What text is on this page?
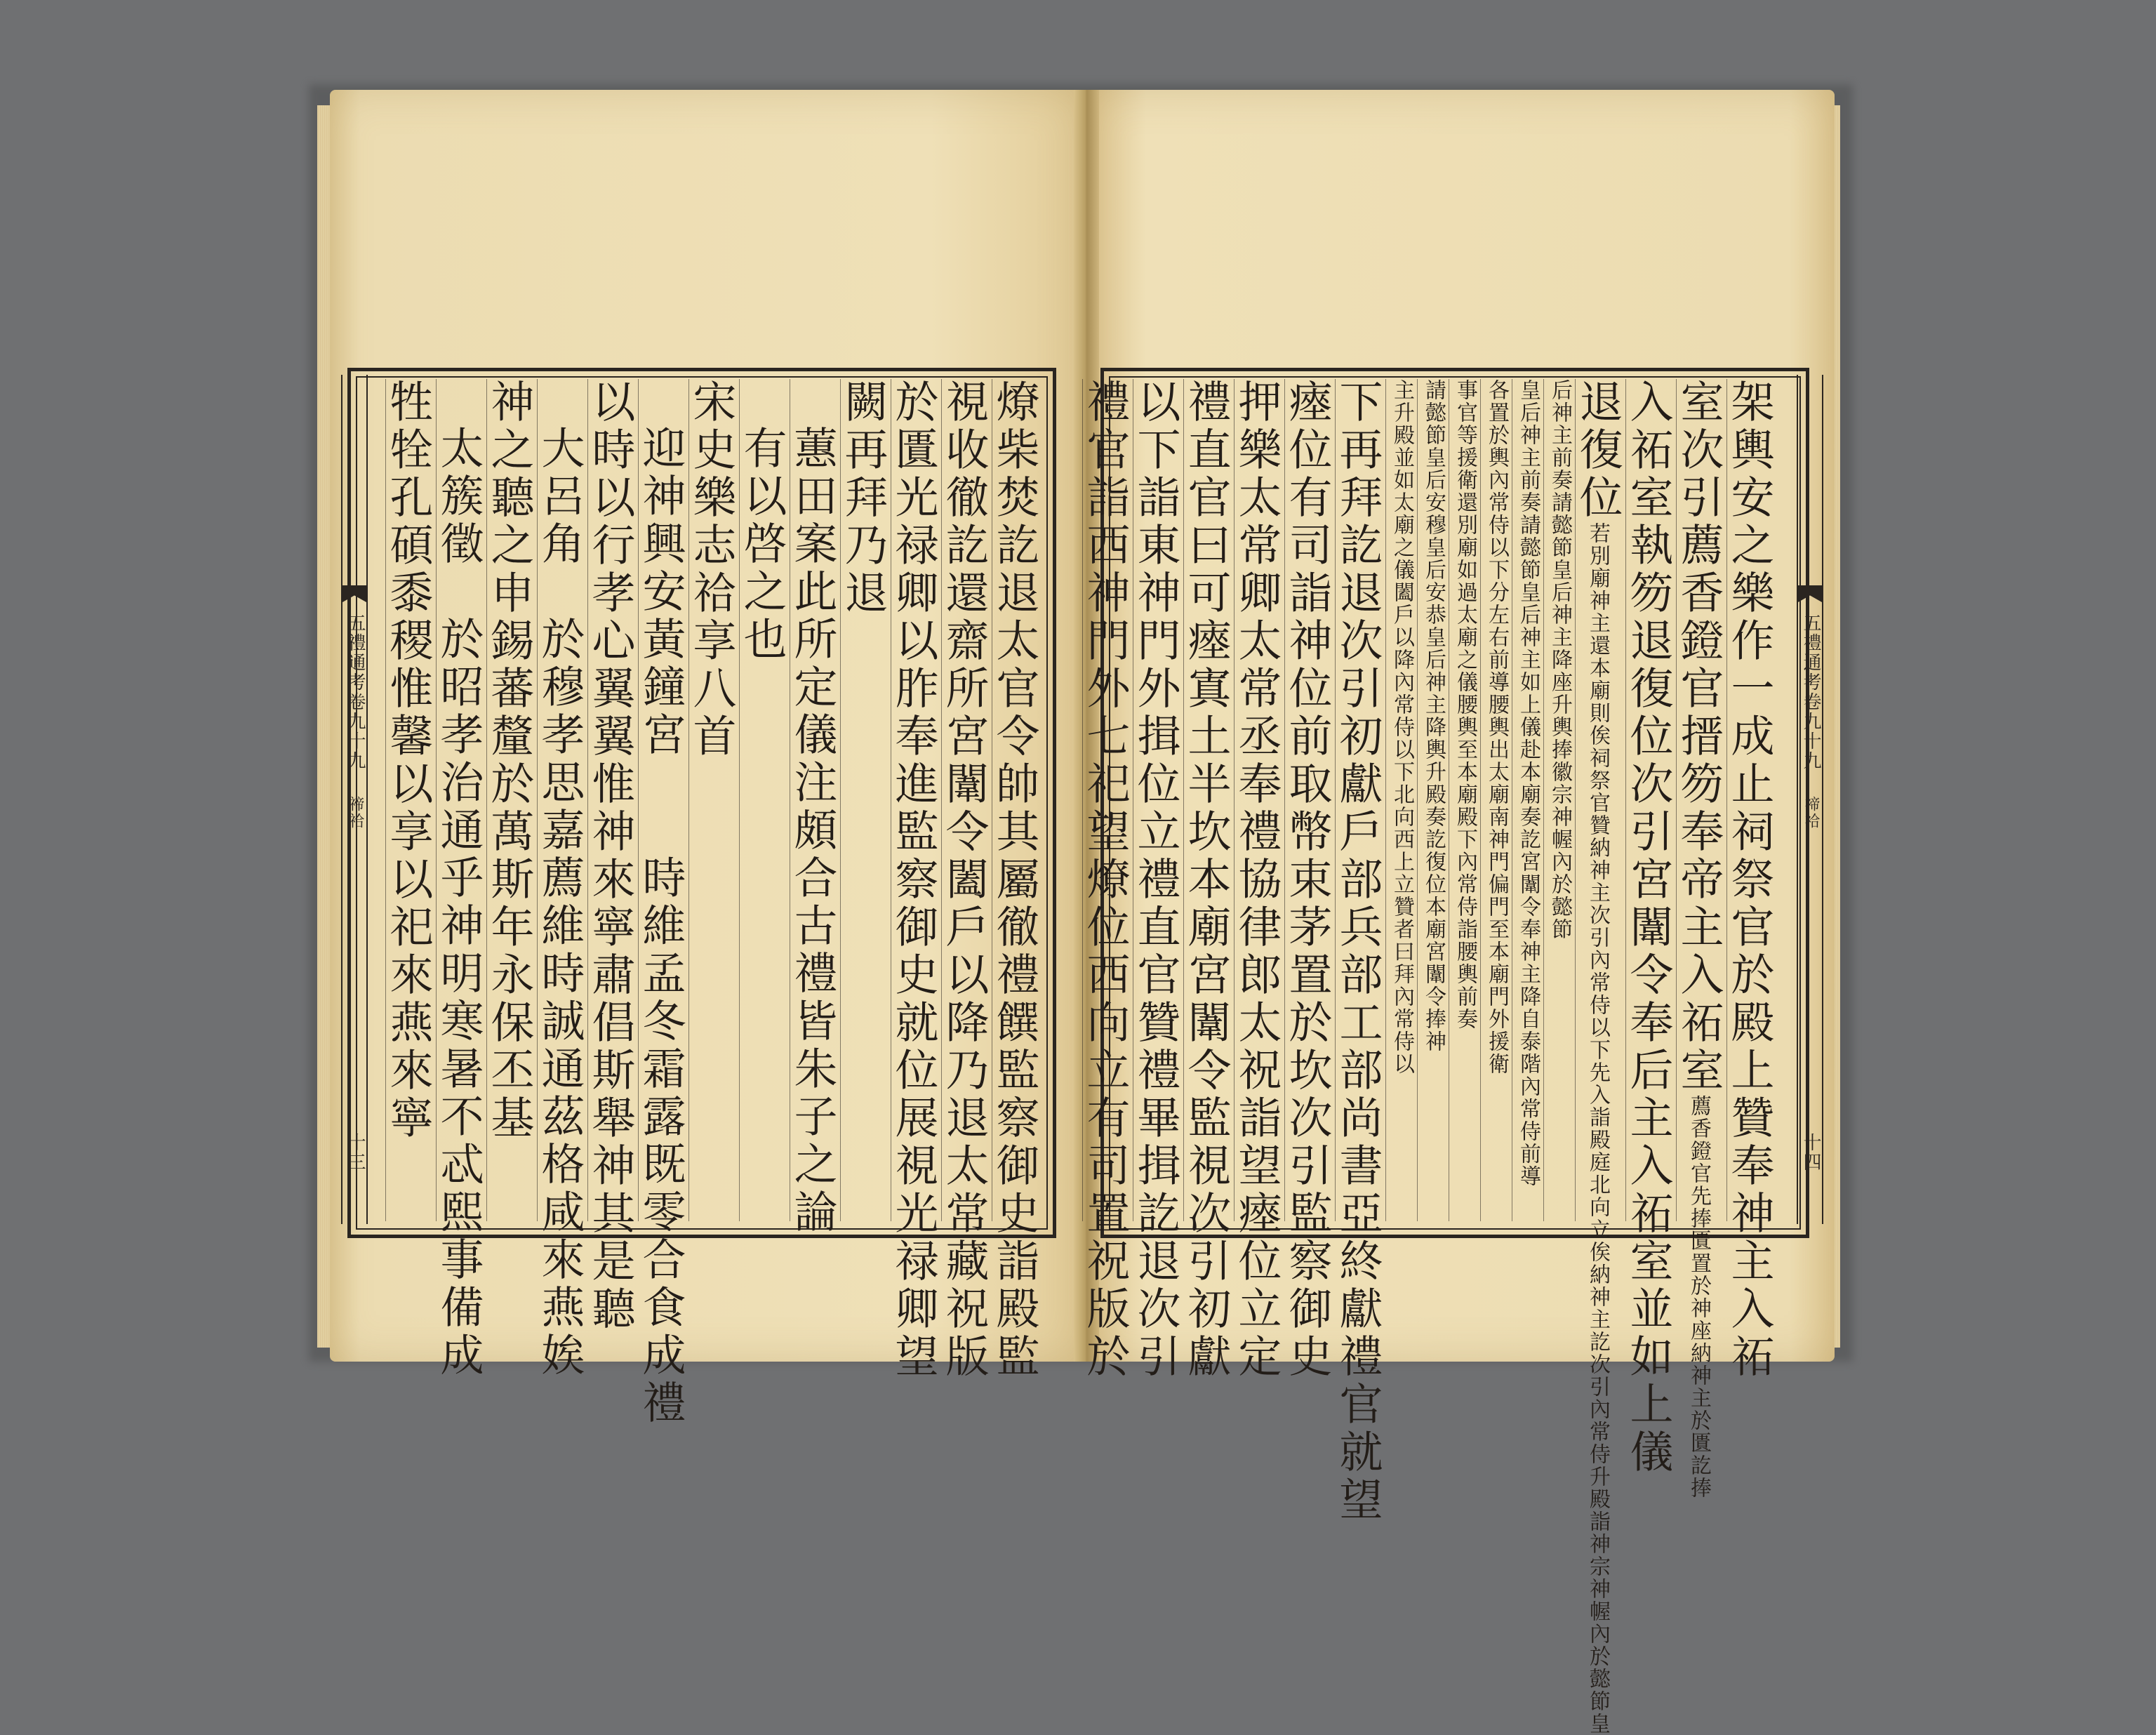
五禮通考卷九十九
禘祫
十三	燎柴焚訖退太官令帥其屬徹禮饌監察御史詣殿監
視收徹訖還齋所宮闈令闔戶以降乃退太常藏祝版
於匱光禄卿以胙奉進監察御史就位展視光禄卿望
闕再拜乃退
蕙田案此所定儀注頗合古禮皆朱子之論
有以啓之也
宋史樂志祫享八首
迎神興安黃鐘宮　　時維孟冬霜露既零合食成禮
以時以行孝心翼翼惟神來寧肅倡斯舉神其是聽
大呂角　於穆孝思嘉薦維時誠通茲格咸來燕娭
神之聽之申錫蕃釐於萬斯年永保丕基
太簇徵　於昭孝治通乎神明寒暑不忒熙事備成
牲牷孔碩黍稷惟馨以享以祀來燕來寧	五禮通考卷九十九
禘祫
十四
架輿安之樂作一成止祠祭官於殿上贊奉神主入祏
室次引薦香鐙官搢笏奉帝主入祏室薦香鐙官先捧匱置於神座納神主於匱訖捧
入祏室執笏退復位次引宮闈令奉后主入祏室並如上儀
退復位若別廟神主還本廟則俟祠祭官贊納神主次引內常侍以下先入詣殿庭北向立俟納神主訖次引內常侍升殿詣神宗神幄內於懿節皇
后神主前奏請懿節皇后神主降座升輿捧徽宗神幄內於懿節
皇后神主前奏請懿節皇后神主如上儀赴本廟奏訖宮闈令奉神主降自泰階內常侍前導
各置於輿內常侍以下分左右前導腰輿出太廟南神門偏門至本廟門外援衛
事官等援衛還別廟如過太廟之儀腰輿至本廟殿下內常侍詣腰輿前奏
請懿節皇后安穆皇后安恭皇后神主降輿升殿奏訖復位本廟宮闈令捧神
主升殿並如太廟之儀闔戶以降內常侍以下北向西上立贊者曰拜內常侍以
下再拜訖退次引初獻戶部兵部工部尚書亞終獻禮官就望
瘞位有司詣神位前取幣束茅置於坎次引監察御史
押樂太常卿太常丞奉禮協律郎太祝詣望瘞位立定
禮直官曰可瘞寘土半坎本廟宮闈令監視次引初獻
以下詣東神門外揖位立禮直官贊禮畢揖訖退次引
禮官詣西神門外七祀望燎位西向立有司置祝版於
